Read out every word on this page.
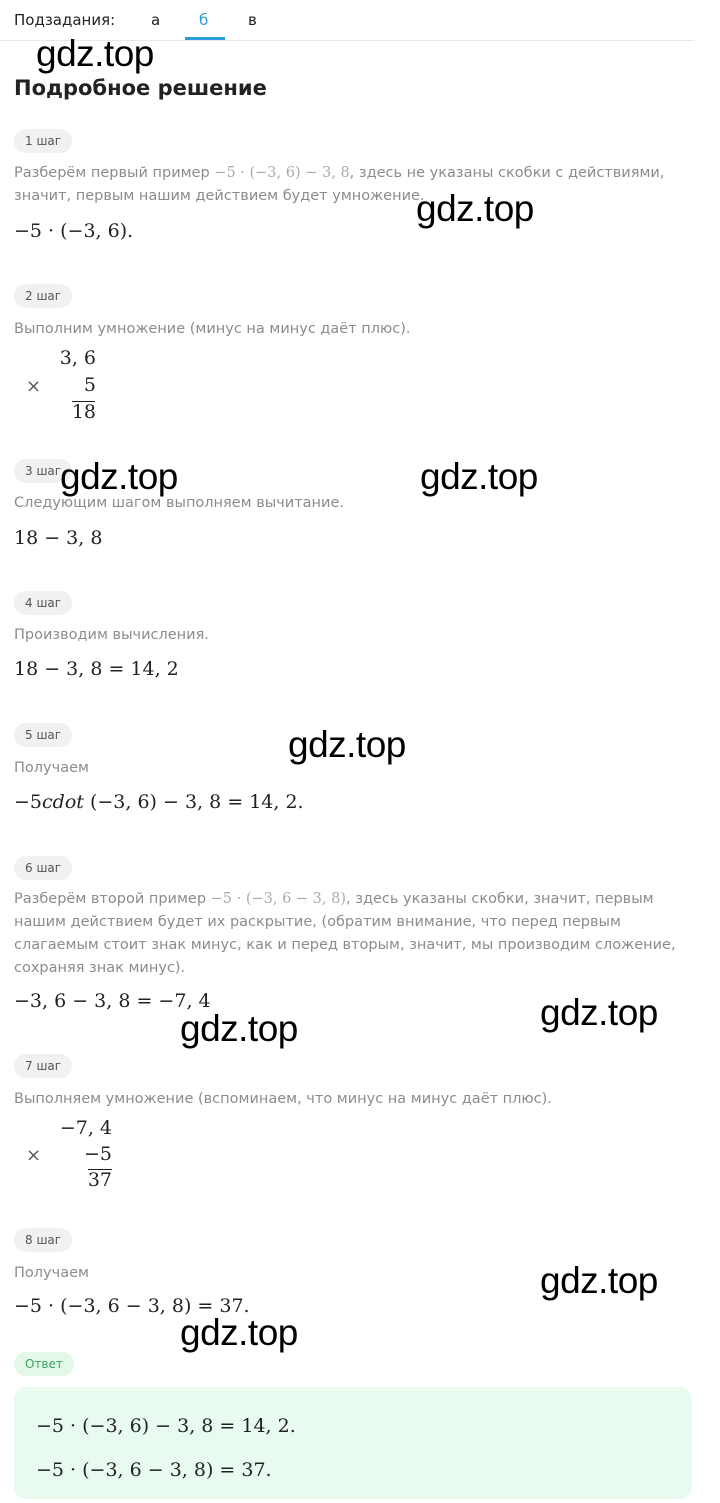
Подзадания: а	б	в
Подробное решение
1 шаг
Разберём первый пример −5 · (−3, 6) − 3, 8, здесь не указаны скобки с действиями, значит, первым нашим действием будет умножение.
−5 · (−3, 6).
2 шаг
Выполним умножение (минус на минус даёт плюс).
×
3, 6
5
18
3 шаг
Следующим шагом выполняем вычитание.
18 − 3, 8
4 шаг
Производим вычисления.
18 − 3, 8 = 14, 2
5 шаг
Получаем
−5cdot (−3, 6) − 3, 8 = 14, 2.
6 шаг
Разберём второй пример −5 · (−3, 6 − 3, 8), здесь указаны скобки, значит, первым нашим действием будет их раскрытие, (обратим внимание, что перед первым слагаемым стоит знак минус, как и перед вторым, значит, мы производим сложение, сохраняя знак минус).
−3, 6 − 3, 8 = −7, 4
7 шаг
Выполняем умножение (вспоминаем, что минус на минус даёт плюс).
×
−7, 4
−5
37
8 шаг
Получаем
−5 · (−3, 6 − 3, 8) = 37.
Ответ
−5 · (−3, 6) − 3, 8 = 14, 2.
−5 · (−3, 6 − 3, 8) = 37.
gdz.top
gdz.top
gdz.top	gdz.top
gdz.top
gdz.top
gdz.top
gdz.top
gdz.top
